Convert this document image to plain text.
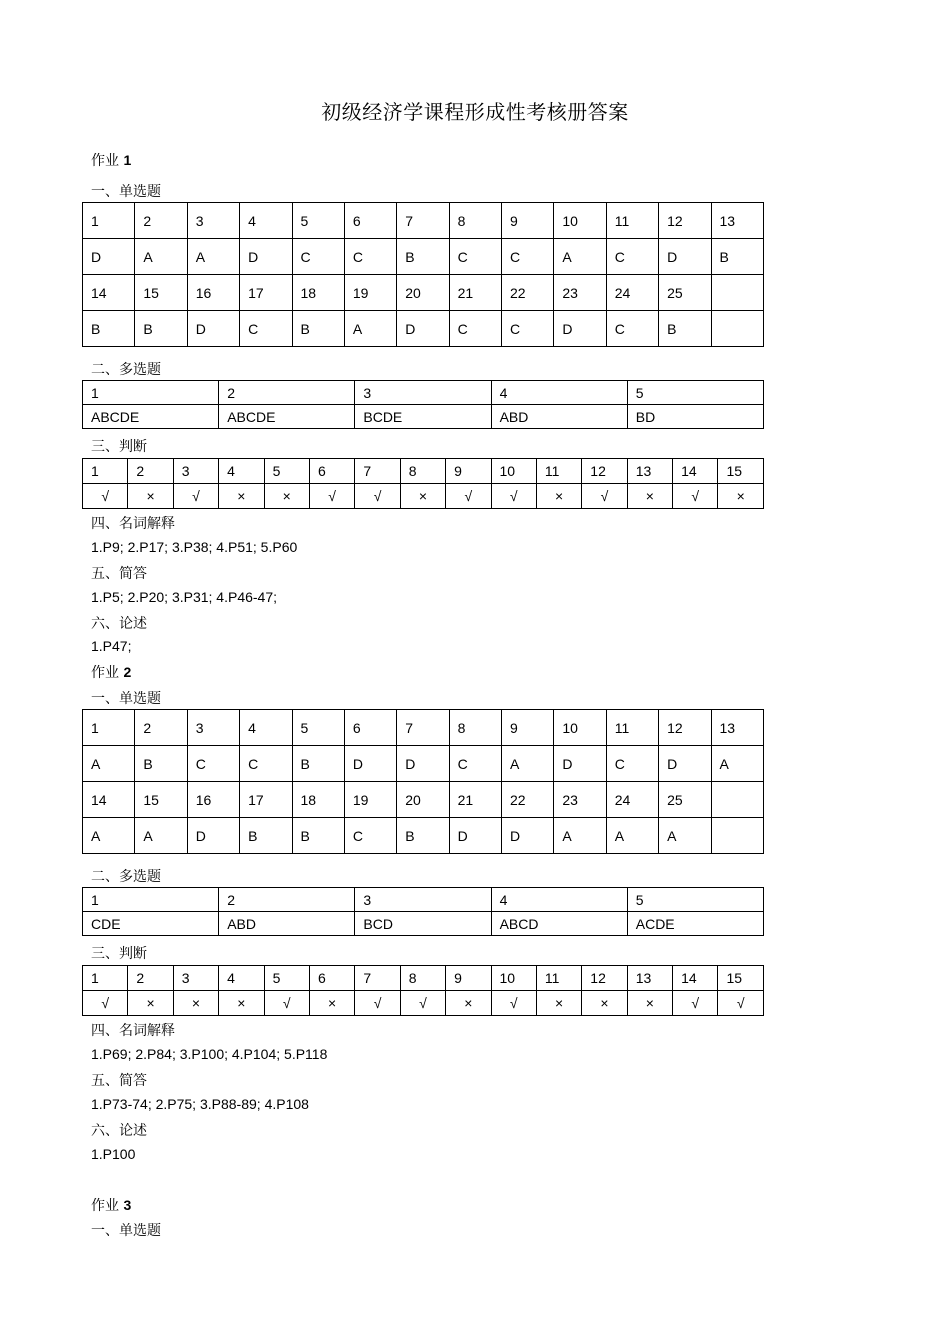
初级经济学课程形成性考核册答案
作业 1
一、单选题
1	2	3	4	5	6	7	8	9	10	11	12	13
D	A	A	D	C	C	B	C	C	A	C	D	B
14	15	16	17	18	19	20	21	22	23	24	25	
B	B	D	C	B	A	D	C	C	D	C	B	
二、多选题
1	2	3	4	5
ABCDE	ABCDE	BCDE	ABD	BD
三、判断
1	2	3	4	5	6	7	8	9	10	11	12	13	14	15
√	×	√	×	×	√	√	×	√	√	×	√	×	√	×
四、名词解释
1.P9; 2.P17; 3.P38; 4.P51; 5.P60
五、简答
1.P5; 2.P20; 3.P31; 4.P46-47;
六、论述
1.P47;
作业 2
一、单选题
1	2	3	4	5	6	7	8	9	10	11	12	13
A	B	C	C	B	D	D	C	A	D	C	D	A
14	15	16	17	18	19	20	21	22	23	24	25	
A	A	D	B	B	C	B	D	D	A	A	A	
二、多选题
1	2	3	4	5
CDE	ABD	BCD	ABCD	ACDE
三、判断
1	2	3	4	5	6	7	8	9	10	11	12	13	14	15
√	×	×	×	√	×	√	√	×	√	×	×	×	√	√
四、名词解释
1.P69; 2.P84; 3.P100; 4.P104; 5.P118
五、简答
1.P73-74; 2.P75; 3.P88-89; 4.P108
六、论述
1.P100
作业 3
一、单选题
